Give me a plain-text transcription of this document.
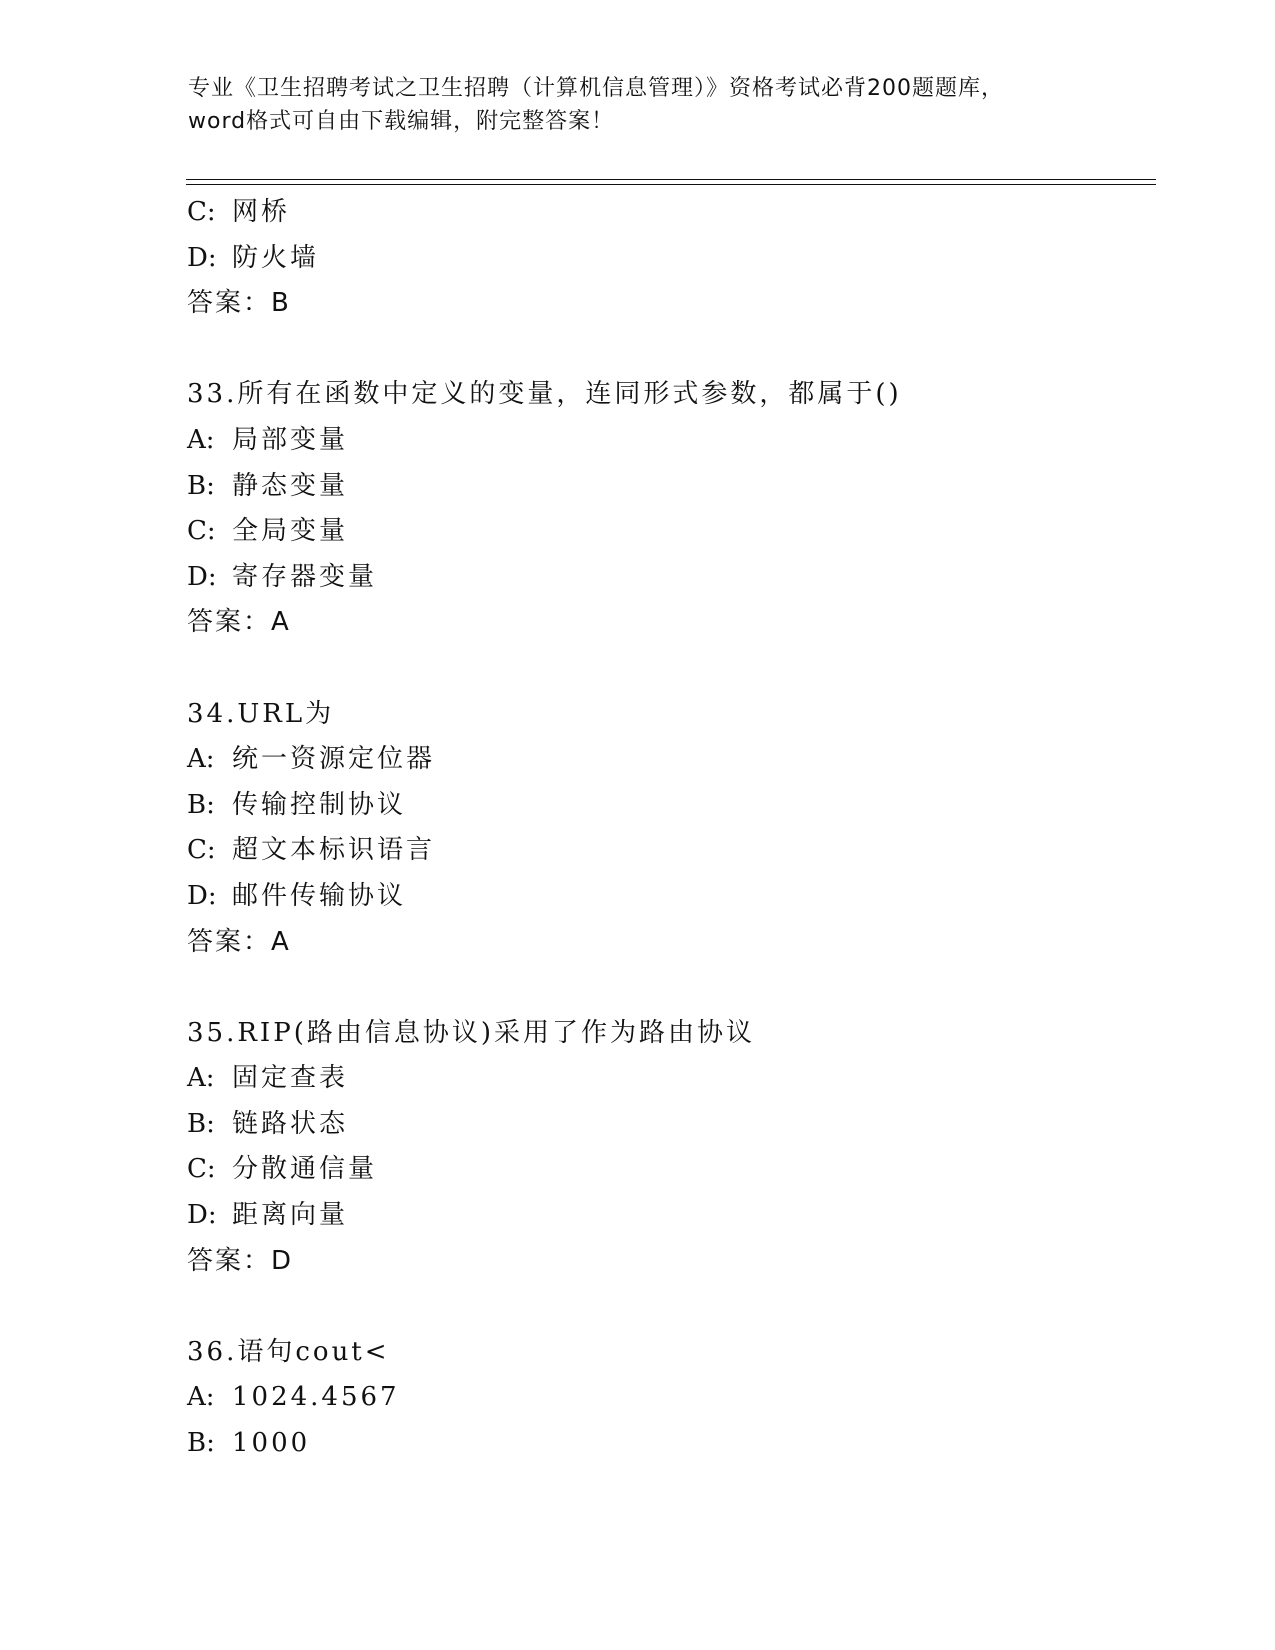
专业《卫生招聘考试之卫生招聘（计算机信息管理）》资格考试必背200题题库，
word格式可自由下载编辑，附完整答案！
C: 网桥
D: 防火墙
答案：B
33.所有在函数中定义的变量，连同形式参数，都属于()
A: 局部变量
B: 静态变量
C: 全局变量
D: 寄存器变量
答案：A
34.URL为
A: 统一资源定位器
B: 传输控制协议
C: 超文本标识语言
D: 邮件传输协议
答案：A
35.RIP(路由信息协议)采用了作为路由协议
A: 固定查表
B: 链路状态
C: 分散通信量
D: 距离向量
答案：D
36.语句cout<
A: 1024.4567
B: 1000
